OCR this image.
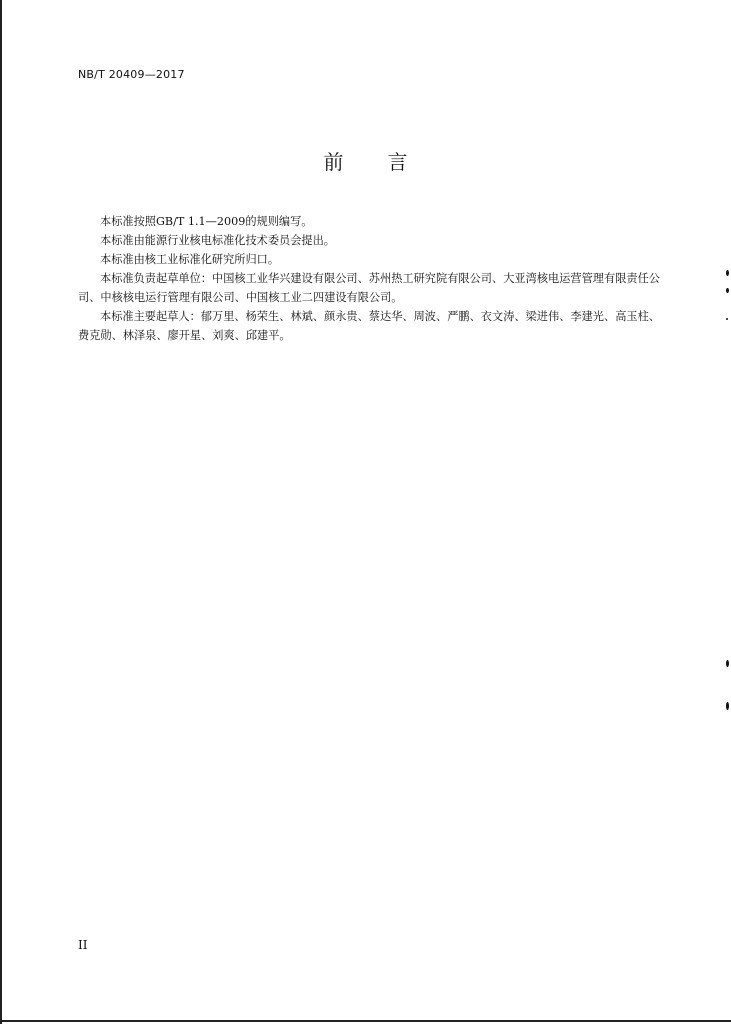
NB/T 20409—2017
前 言

本标准按照GB/T 1.1—2009的规则编写。

本标准由能源行业核电标准化技术委员会提出。

本标准由核工业标准化研究所归口。

本标准负责起草单位：中国核工业华兴建设有限公司、苏州热工研究院有限公司、大亚湾核电运营管理有限责任公司、中核核电运行管理有限公司、中国核工业二四建设有限公司。

本标准主要起草人：郁万里、杨荣生、林斌、颜永贵、蔡达华、周波、严鹏、衣文涛、梁进伟、李建光、高玉柱、费克勋、林泽泉、廖开星、刘爽、邱建平。

II
